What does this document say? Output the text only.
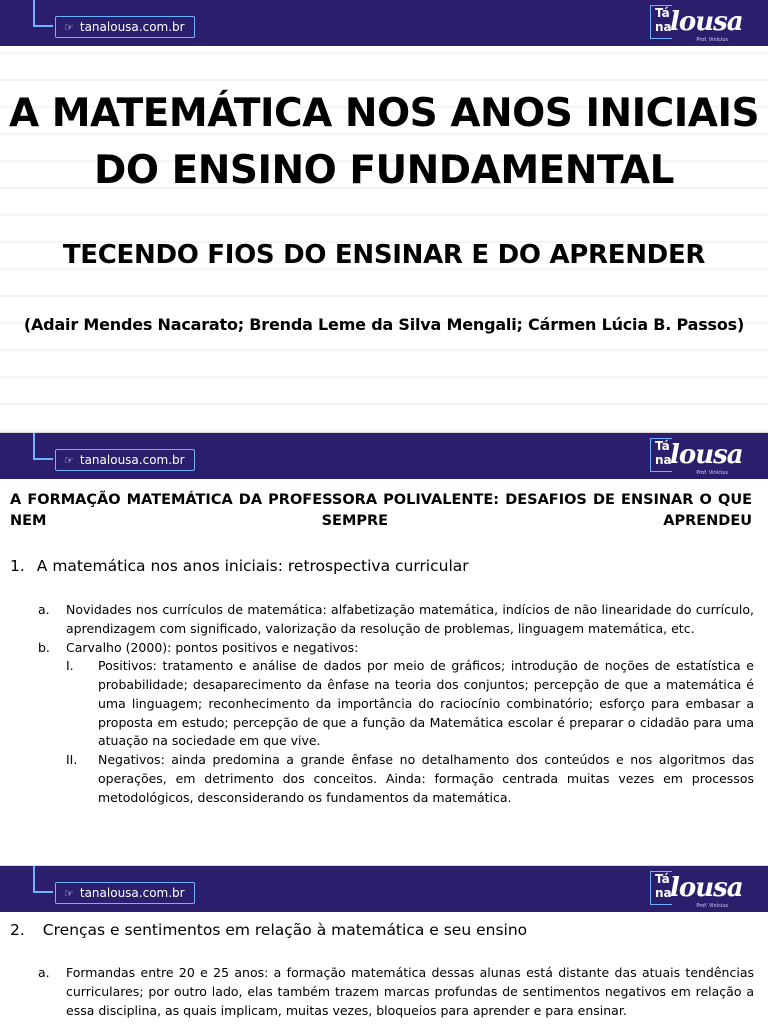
☞ tanalousa.com.br
Tá
na
lousa
Prof. Vinícius
A MATEMÁTICA NOS ANOS INICIAIS
DO ENSINO FUNDAMENTAL
TECENDO FIOS DO ENSINAR E DO APRENDER
(Adair Mendes Nacarato; Brenda Leme da Silva Mengali; Cármen Lúcia B. Passos)
☞ tanalousa.com.br
Tá
na
lousa
Prof. Vinícius
A FORMAÇÃO MATEMÁTICA DA PROFESSORA POLIVALENTE: DESAFIOS DE ENSINAR O QUE NEM SEMPRE APRENDEU
1. A matemática nos anos iniciais: retrospectiva curricular
a.	Novidades nos currículos de matemática: alfabetização matemática, indícios de não linearidade do currículo, aprendizagem com significado, valorização da resolução de problemas, linguagem matemática, etc.
b.	Carvalho (2000): pontos positivos e negativos:
I.	Positivos: tratamento e análise de dados por meio de gráficos; introdução de noções de estatística e probabilidade; desaparecimento da ênfase na teoria dos conjuntos; percepção de que a matemática é uma linguagem; reconhecimento da importância do raciocínio combinatório; esforço para embasar a proposta em estudo; percepção de que a função da Matemática escolar é preparar o cidadão para uma atuação na sociedade em que vive.
II.	Negativos: ainda predomina a grande ênfase no detalhamento dos conteúdos e nos algoritmos das operações, em detrimento dos conceitos. Ainda: formação centrada muitas vezes em processos metodológicos, desconsiderando os fundamentos da matemática.
☞ tanalousa.com.br
Tá
na
lousa
Prof. Vinícius
2. Crenças e sentimentos em relação à matemática e seu ensino
a.	Formandas entre 20 e 25 anos: a formação matemática dessas alunas está distante das atuais tendências curriculares; por outro lado, elas também trazem marcas profundas de sentimentos negativos em relação a essa disciplina, as quais implicam, muitas vezes, bloqueios para aprender e para ensinar.
